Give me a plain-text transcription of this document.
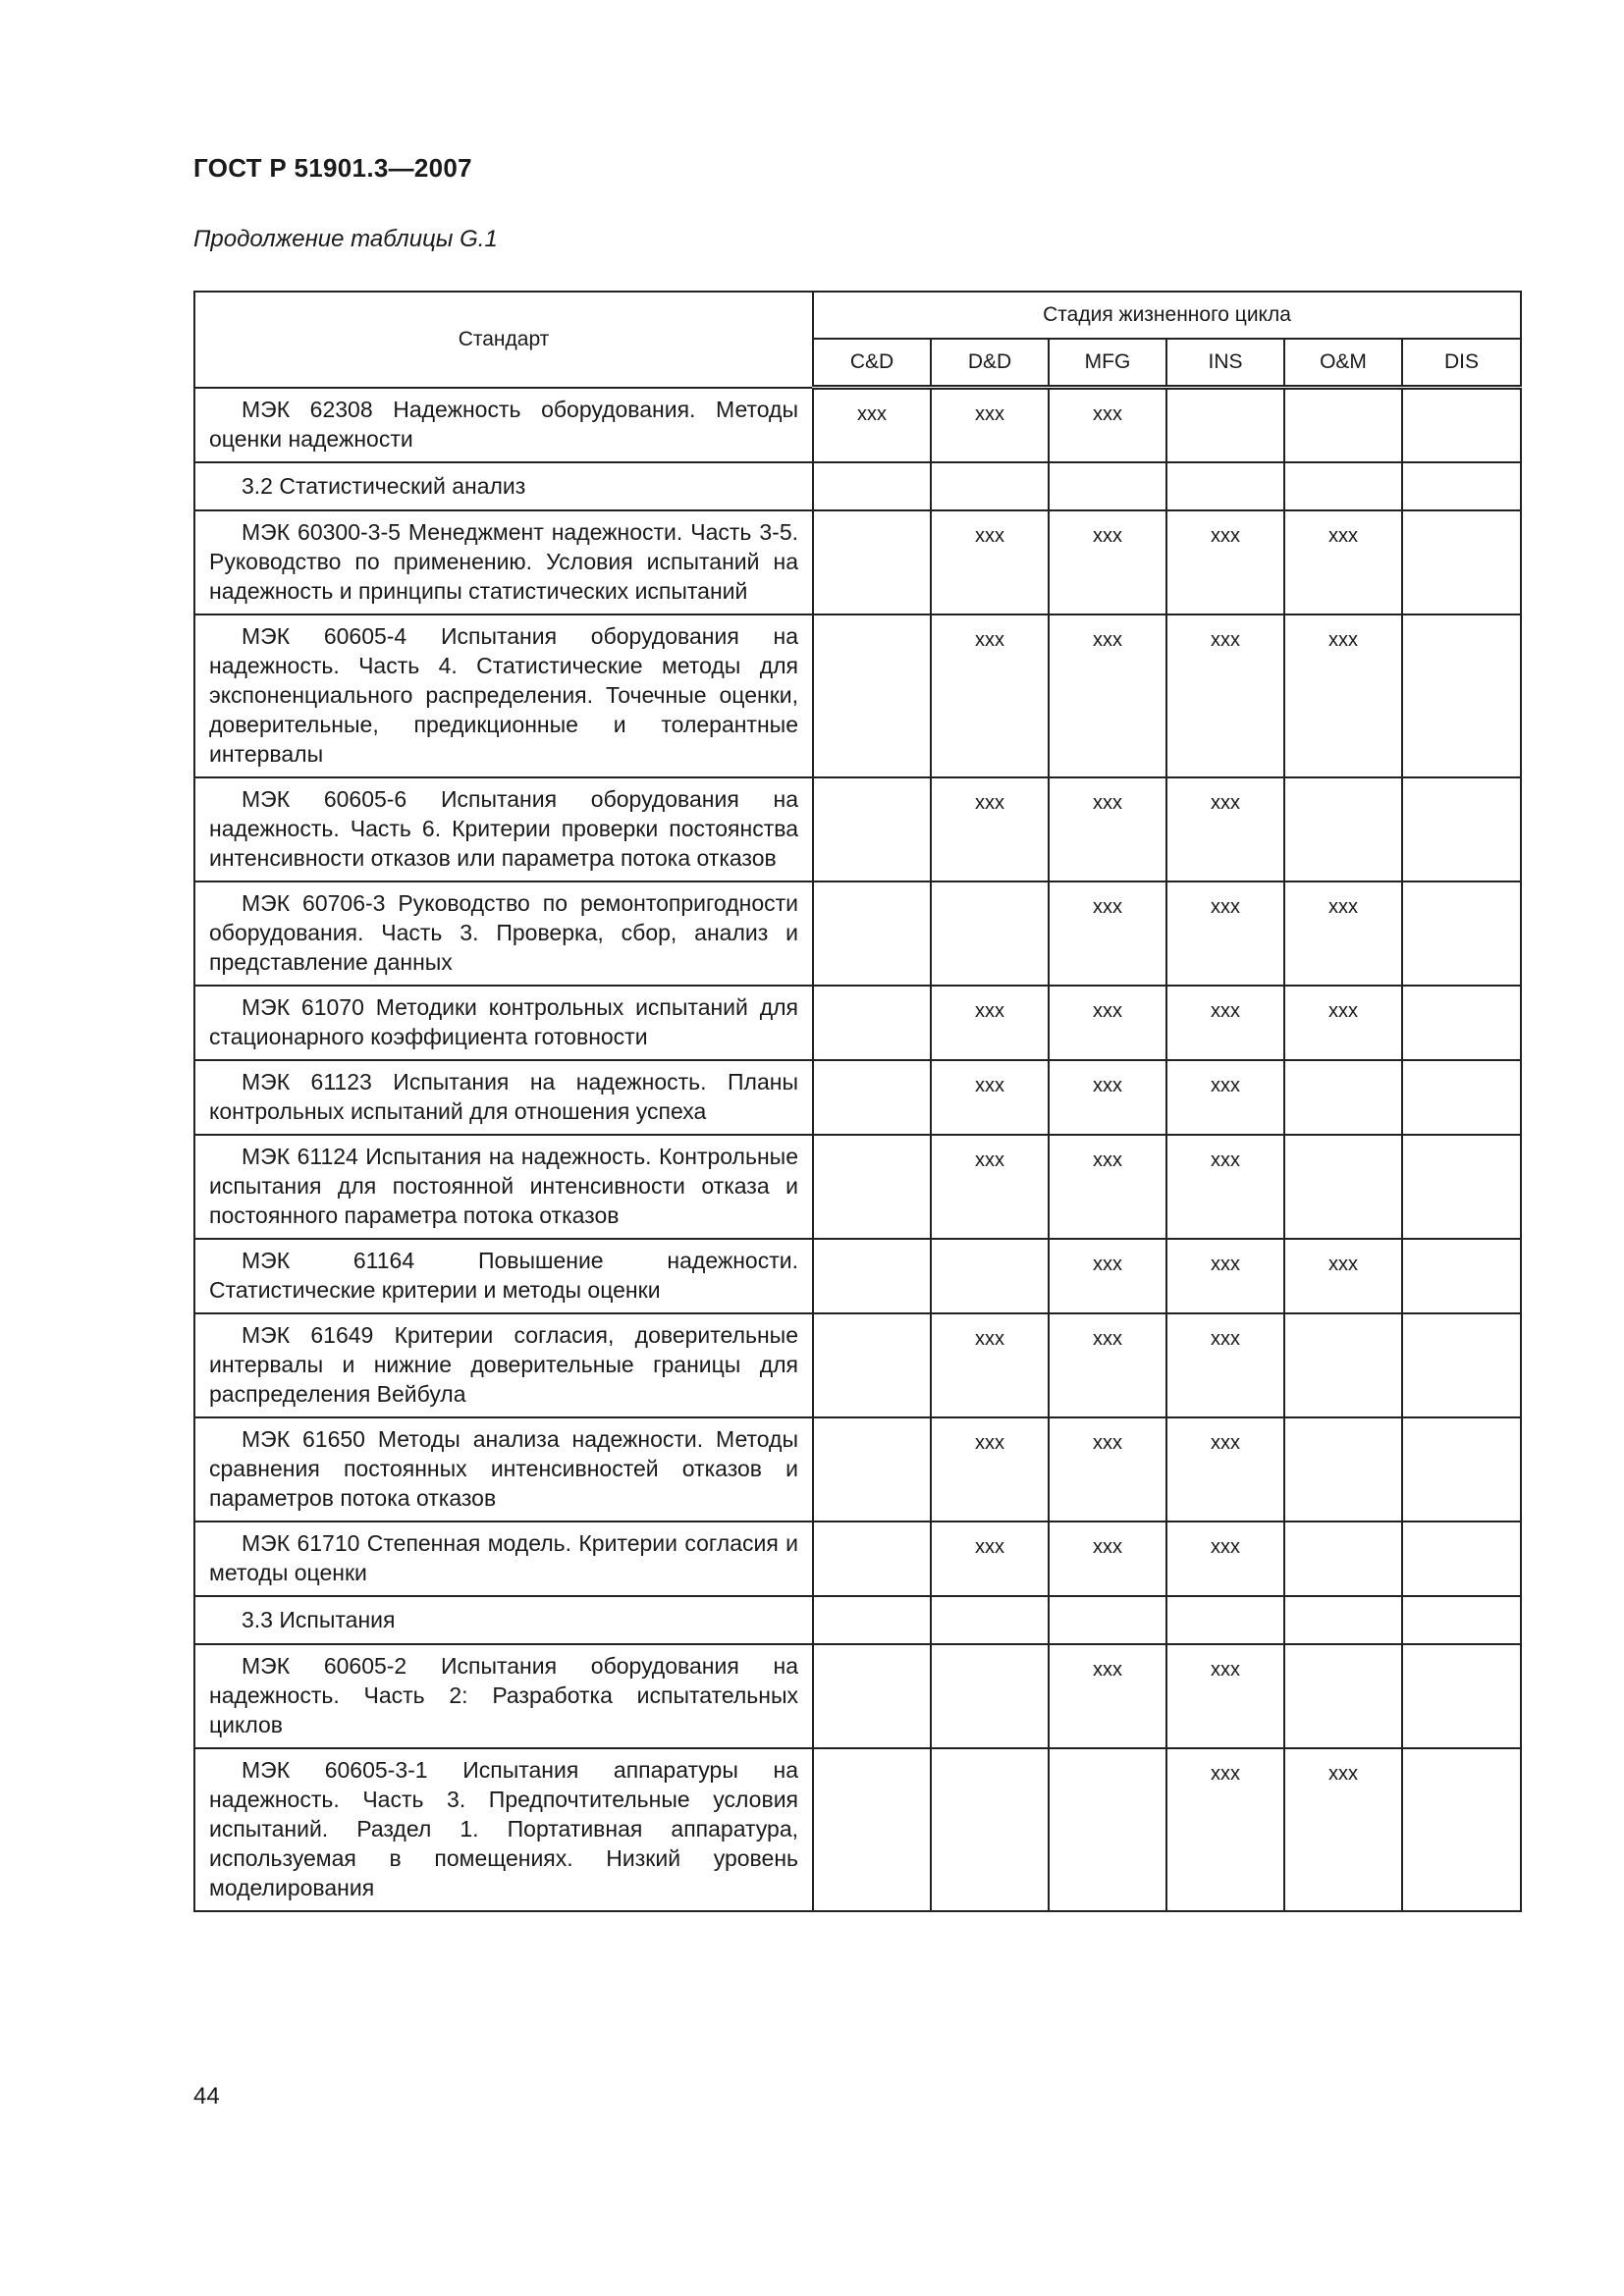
ГОСТ Р 51901.3—2007
Продолжение таблицы G.1
Стандарт	Стадия жизненного цикла					
	C&D	D&D	MFG	INS	O&M	DIS
МЭК 62308 Надежность оборудования. Методы оценки надежности	xxx	xxx	xxx			
3.2 Статистический анализ						
МЭК 60300-3-5 Менеджмент надежности. Часть 3-5. Руководство по применению. Условия испытаний на надежность и принципы статистических испытаний		xxx	xxx	xxx	xxx	
МЭК 60605-4 Испытания оборудования на надежность. Часть 4. Статистические методы для экспоненциального распределения. Точечные оценки, доверительные, предикционные и толерантные интервалы		xxx	xxx	xxx	xxx	
МЭК 60605-6 Испытания оборудования на надежность. Часть 6. Критерии проверки постоянства интенсивности отказов или параметра потока отказов		xxx	xxx	xxx		
МЭК 60706-3 Руководство по ремонтопригодности оборудования. Часть 3. Проверка, сбор, анализ и представление данных			xxx	xxx	xxx	
МЭК 61070 Методики контрольных испытаний для стационарного коэффициента готовности		xxx	xxx	xxx	xxx	
МЭК 61123 Испытания на надежность. Планы контрольных испытаний для отношения успеха		xxx	xxx	xxx		
МЭК 61124 Испытания на надежность. Контрольные испытания для постоянной интенсивности отказа и постоянного параметра потока отказов		xxx	xxx	xxx		
МЭК 61164 Повышение надежности. Статистические критерии и методы оценки			xxx	xxx	xxx	
МЭК 61649 Критерии согласия, доверительные интервалы и нижние доверительные границы для распределения Вейбула		xxx	xxx	xxx		
МЭК 61650 Методы анализа надежности. Методы сравнения постоянных интенсивностей отказов и параметров потока отказов		xxx	xxx	xxx		
МЭК 61710 Степенная модель. Критерии согласия и методы оценки		xxx	xxx	xxx		
3.3 Испытания						
МЭК 60605-2 Испытания оборудования на надежность. Часть 2: Разработка испытательных циклов			xxx	xxx		
МЭК 60605-3-1 Испытания аппаратуры на надежность. Часть 3. Предпочтительные условия испытаний. Раздел 1. Портативная аппаратура, используемая в помещениях. Низкий уровень моделирования				xxx	xxx	
44
